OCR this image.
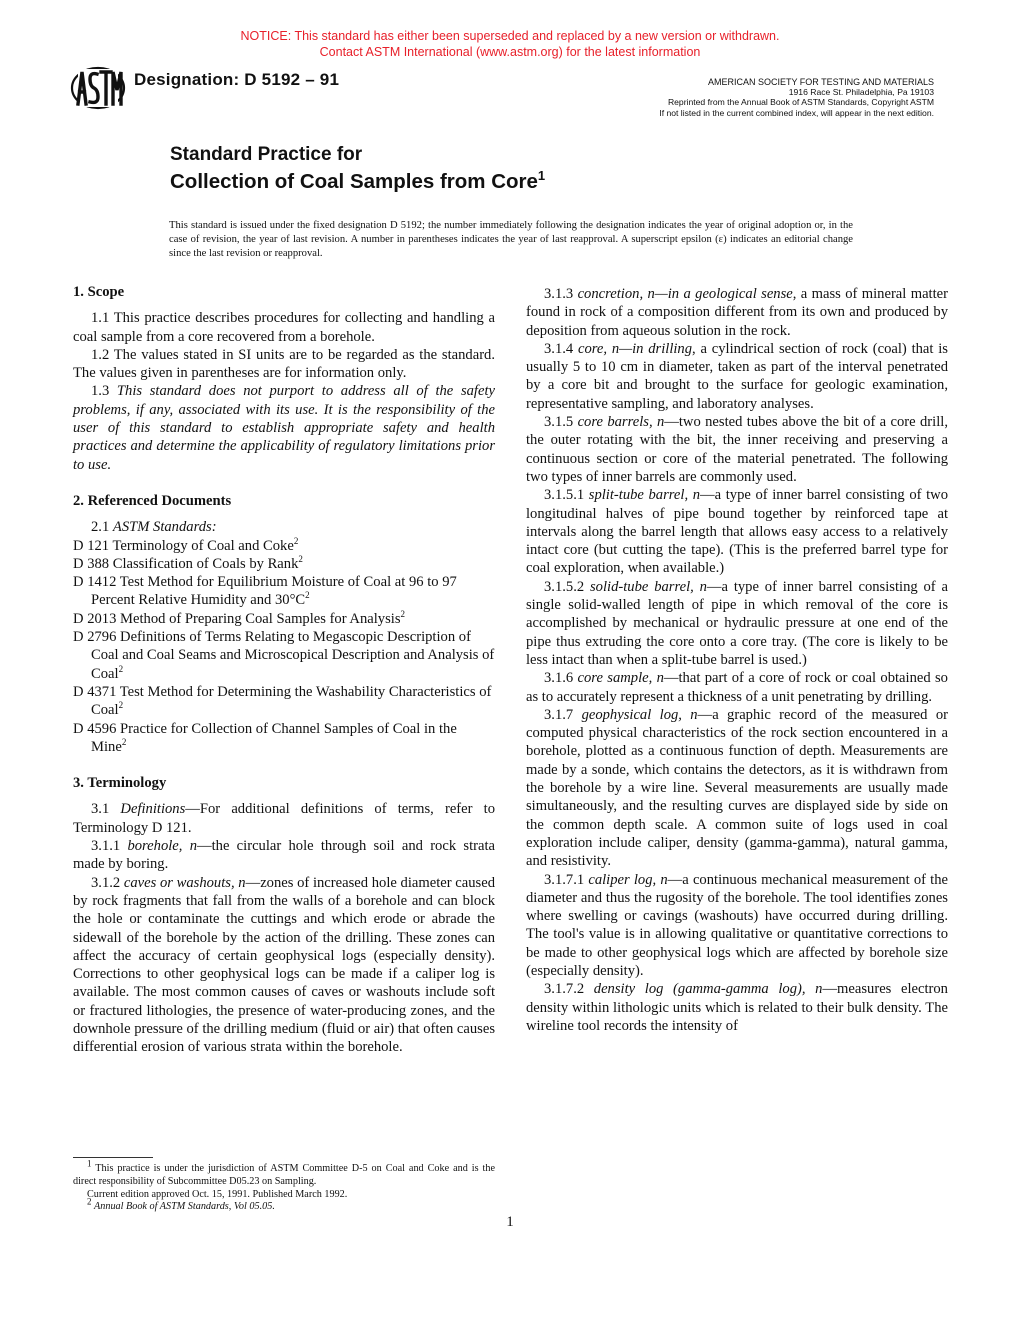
NOTICE: This standard has either been superseded and replaced by a new version or withdrawn.
Contact ASTM International (www.astm.org) for the latest information
Designation: D 5192 – 91	AMERICAN SOCIETY FOR TESTING AND MATERIALS
1916 Race St. Philadelphia, Pa 19103
Reprinted from the Annual Book of ASTM Standards, Copyright ASTM
If not listed in the current combined index, will appear in the next edition.
Standard Practice for
Collection of Coal Samples from Core$^1$
This standard is issued under the fixed designation D 5192; the number immediately following the designation indicates the year of original adoption or, in the case of revision, the year of last revision. A number in parentheses indicates the year of last reapproval. A superscript epsilon (ε) indicates an editorial change since the last revision or reapproval.

1. Scope

1.1 This practice describes procedures for collecting and handling a coal sample from a core recovered from a borehole.

1.2 The values stated in SI units are to be regarded as the standard. The values given in parentheses are for information only.

1.3 This standard does not purport to address all of the safety problems, if any, associated with its use. It is the responsibility of the user of this standard to establish appropriate safety and health practices and determine the applicability of regulatory limitations prior to use.

2. Referenced Documents

2.1 ASTM Standards:

D 121 Terminology of Coal and Coke$^2$

D 388 Classification of Coals by Rank$^2$

D 1412 Test Method for Equilibrium Moisture of Coal at 96 to 97 Percent Relative Humidity and 30°C$^2$

D 2013 Method of Preparing Coal Samples for Analysis$^2$

D 2796 Definitions of Terms Relating to Megascopic Description of Coal and Coal Seams and Microscopical Description and Analysis of Coal$^2$

D 4371 Test Method for Determining the Washability Characteristics of Coal$^2$

D 4596 Practice for Collection of Channel Samples of Coal in the Mine$^2$

3. Terminology

3.1 Definitions—For additional definitions of terms, refer to Terminology D 121.

3.1.1 borehole, n—the circular hole through soil and rock strata made by boring.

3.1.2 caves or washouts, n—zones of increased hole diameter caused by rock fragments that fall from the walls of a borehole and can block the hole or contaminate the cuttings and which erode or abrade the sidewall of the borehole by the action of the drilling. These zones can affect the accuracy of certain geophysical logs (especially density). Corrections to other geophysical logs can be made if a caliper log is available. The most common causes of caves or washouts include soft or fractured lithologies, the presence of water-producing zones, and the downhole pressure of the drilling medium (fluid or air) that often causes differential erosion of various strata within the borehole.

$^1$ This practice is under the jurisdiction of ASTM Committee D-5 on Coal and Coke and is the direct responsibility of Subcommittee D05.23 on Sampling.

Current edition approved Oct. 15, 1991. Published March 1992.

$^2$ Annual Book of ASTM Standards, Vol 05.05.

3.1.3 concretion, n—in a geological sense, a mass of mineral matter found in rock of a composition different from its own and produced by deposition from aqueous solution in the rock.

3.1.4 core, n—in drilling, a cylindrical section of rock (coal) that is usually 5 to 10 cm in diameter, taken as part of the interval penetrated by a core bit and brought to the surface for geologic examination, representative sampling, and laboratory analyses.

3.1.5 core barrels, n—two nested tubes above the bit of a core drill, the outer rotating with the bit, the inner receiving and preserving a continuous section or core of the material penetrated. The following two types of inner barrels are commonly used.

3.1.5.1 split-tube barrel, n—a type of inner barrel consisting of two longitudinal halves of pipe bound together by reinforced tape at intervals along the barrel length that allows easy access to a relatively intact core (but cutting the tape). (This is the preferred barrel type for coal exploration, when available.)

3.1.5.2 solid-tube barrel, n—a type of inner barrel consisting of a single solid-walled length of pipe in which removal of the core is accomplished by mechanical or hydraulic pressure at one end of the pipe thus extruding the core onto a core tray. (The core is likely to be less intact than when a split-tube barrel is used.)

3.1.6 core sample, n—that part of a core of rock or coal obtained so as to accurately represent a thickness of a unit penetrating by drilling.

3.1.7 geophysical log, n—a graphic record of the measured or computed physical characteristics of the rock section encountered in a borehole, plotted as a continuous function of depth. Measurements are made by a sonde, which contains the detectors, as it is withdrawn from the borehole by a wire line. Several measurements are usually made simultaneously, and the resulting curves are displayed side by side on the common depth scale. A common suite of logs used in coal exploration include caliper, density (gamma-gamma), natural gamma, and resistivity.

3.1.7.1 caliper log, n—a continuous mechanical measurement of the diameter and thus the rugosity of the borehole. The tool identifies zones where swelling or cavings (washouts) have occurred during drilling. The tool's value is in allowing qualitative or quantitative corrections to be made to other geophysical logs which are affected by borehole size (especially density).

3.1.7.2 density log (gamma-gamma log), n—measures electron density within lithologic units which is related to their bulk density. The wireline tool records the intensity of

1
